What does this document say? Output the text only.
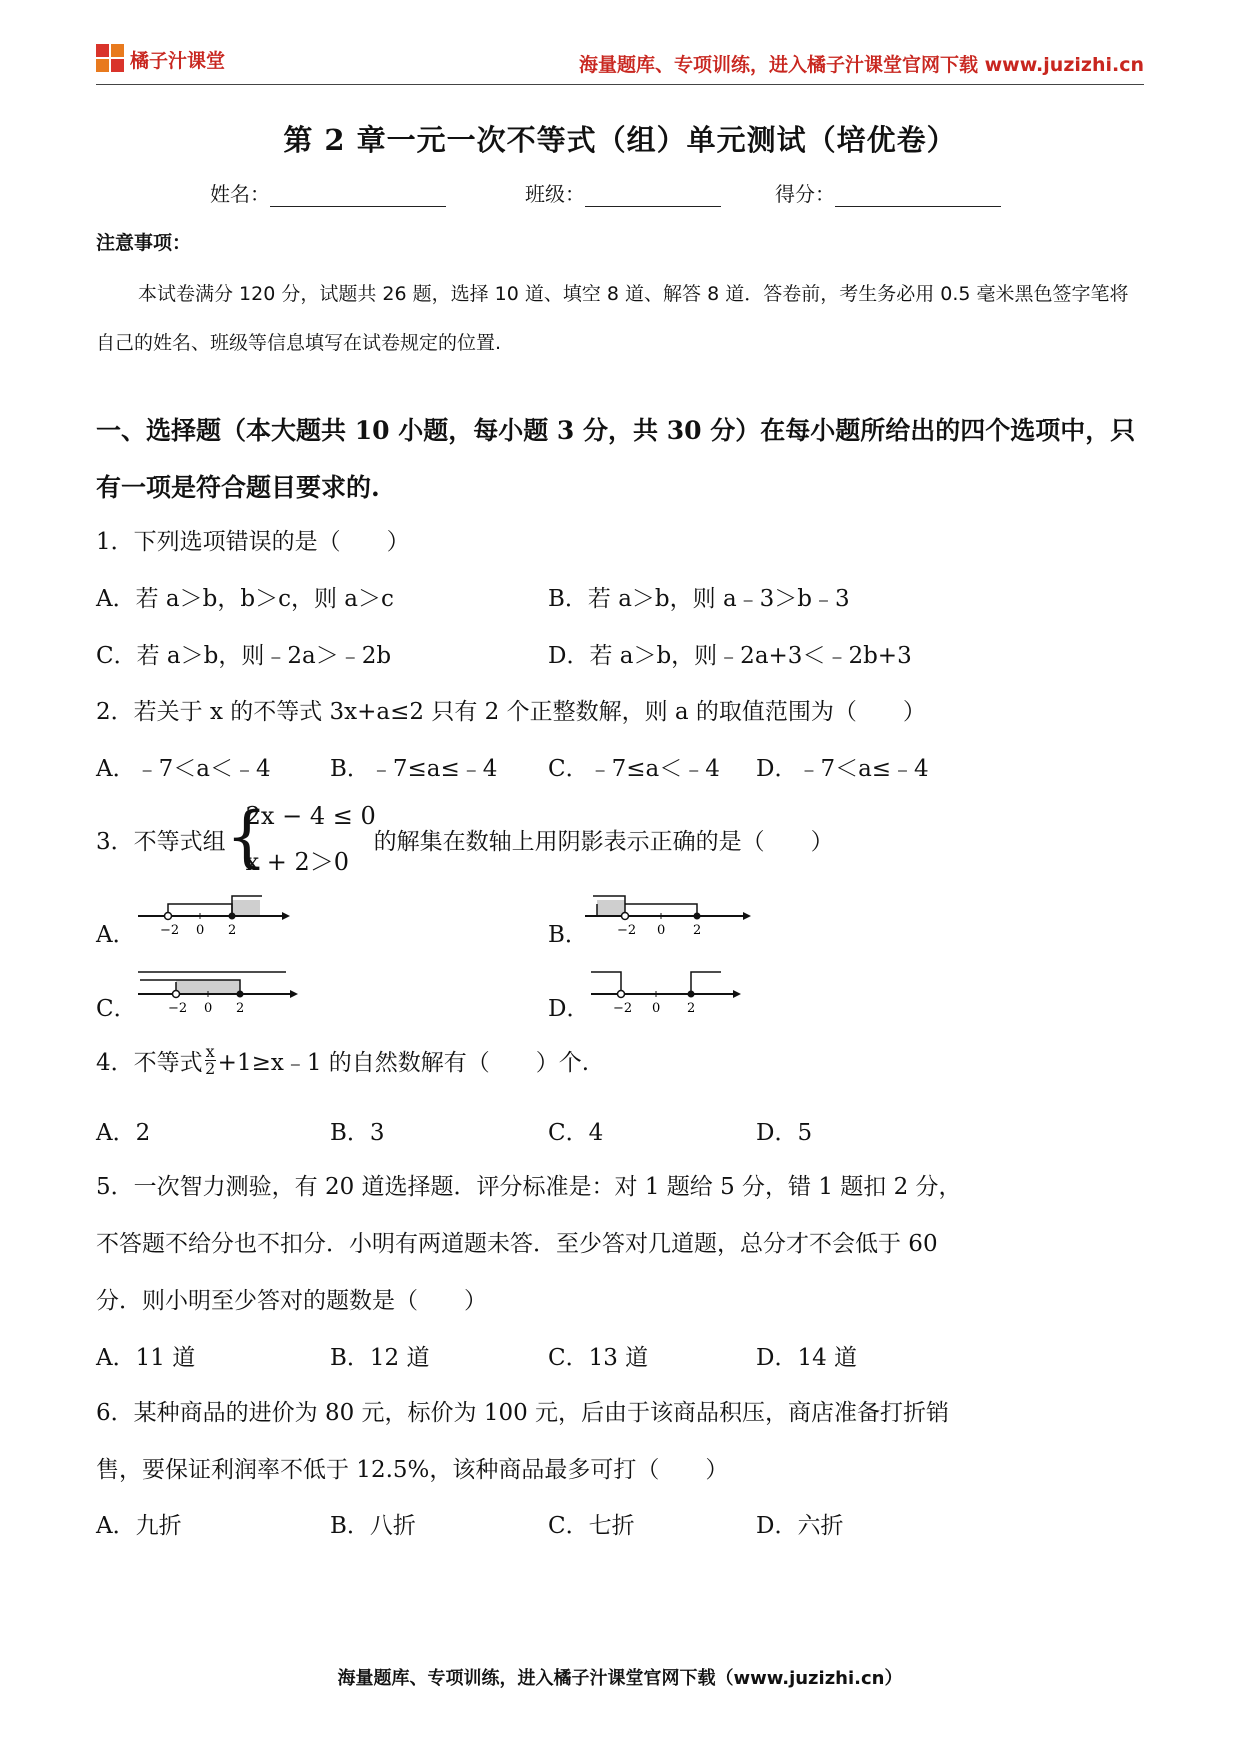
橘子汁课堂	海量题库、专项训练，进入橘子汁课堂官网下载 www.juzizhi.cn
第 2 章一元一次不等式（组）单元测试（培优卷）
姓名：	班级：	得分：
注意事项：
本试卷满分 120 分，试题共 26 题，选择 10 道、填空 8 道、解答 8 道．答卷前，考生务必用 0.5 毫米黑色签字笔将自己的姓名、班级等信息填写在试卷规定的位置.
一、选择题（本大题共 10 小题，每小题 3 分，共 30 分）在每小题所给出的四个选项中，只有一项是符合题目要求的.
1．下列选项错误的是（　　）
A．若 a＞b，b＞c，则 a＞c	B．若 a＞b，则 a﹣3＞b﹣3
C．若 a＞b，则﹣2a＞﹣2b	D．若 a＞b，则﹣2a+3＜﹣2b+3
2．若关于 x 的不等式 3x+a≤2 只有 2 个正整数解，则 a 的取值范围为（　　）
A．﹣7＜a＜﹣4	B．﹣7≤a≤﹣4 C．﹣7≤a＜﹣4 D．﹣7＜a≤﹣4
3．不等式组 {
2x − 4 ≤ 0
x + 2＞0
的解集在数轴上用阴影表示正确的是（　　）
A． −2 0 2	B． −2 0 2
C． −2 0 2	D． −2 0 2
4．不等式 $\frac{x}{2}$ +1≥x﹣1 的自然数解有（　　）个.
A．2	B．3	C．4	D．5
5．一次智力测验，有 20 道选择题．评分标准是：对 1 题给 5 分，错 1 题扣 2 分，
不答题不给分也不扣分．小明有两道题未答．至少答对几道题，总分才不会低于 60
分．则小明至少答对的题数是（　　）
A．11 道	B．12 道	C．13 道	D．14 道
6．某种商品的进价为 80 元，标价为 100 元，后由于该商品积压，商店准备打折销
售，要保证利润率不低于 12.5%，该种商品最多可打（　　）
A．九折	B．八折	C．七折	D．六折
海量题库、专项训练，进入橘子汁课堂官网下载（www.juzizhi.cn）
